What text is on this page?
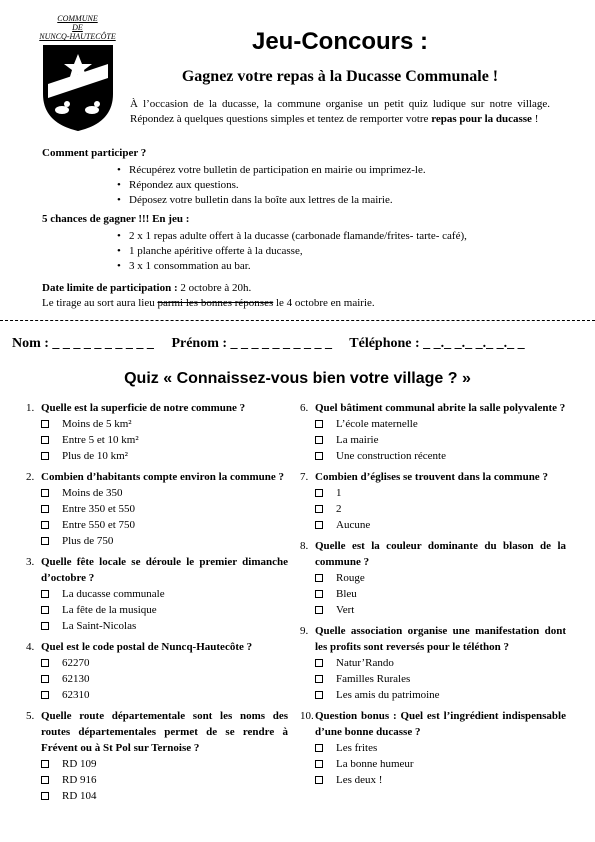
COMMUNE
DE
NUNCQ-HAUTECÔTE	Jeu-Concours :
Gagnez votre repas à la Ducasse Communale !
À l’occasion de la ducasse, la commune organise un petit quiz ludique sur notre village. Répondez à quelques questions simples et tentez de remporter votre repas pour la ducasse !
Comment participer ?
• Récupérez votre bulletin de participation en mairie ou imprimez-le.
• Répondez aux questions.
• Déposez votre bulletin dans la boîte aux lettres de la mairie.
5 chances de gagner !!! En jeu :
• 2 x 1 repas adulte offert à la ducasse (carbonade flamande/frites- tarte- café),
• 1 planche apéritive offerte à la ducasse,
• 3 x 1 consommation au bar.
Date limite de participation : 2 octobre à 20h.
Le tirage au sort aura lieu parmi les bonnes réponses le 4 octobre en mairie.
Nom : _ _ _ _ _ _ _ _ _ _ Prénom : _ _ _ _ _ _ _ _ _ _ Téléphone : _ _._ _._ _._ _._ _
Quiz « Connaissez-vous bien votre village ? »
1. Quelle est la superficie de notre commune ?
Moins de 5 km²
Entre 5 et 10 km²
Plus de 10 km²
2. Combien d’habitants compte environ la commune ?
Moins de 350
Entre 350 et 550
Entre 550 et 750
Plus de 750
3. Quelle fête locale se déroule le premier dimanche d’octobre ?
La ducasse communale
La fête de la musique
La Saint-Nicolas
4. Quel est le code postal de Nuncq-Hautecôte ?
62270
62130
62310
5. Quelle route départementale sont les noms des routes départementales permet de se rendre à Frévent ou à St Pol sur Ternoise ?
RD 109
RD 916
RD 104
6. Quel bâtiment communal abrite la salle polyvalente ?
L’école maternelle
La mairie
Une construction récente
7. Combien d’églises se trouvent dans la commune ?
1
2
Aucune
8. Quelle est la couleur dominante du blason de la commune ?
Rouge
Bleu
Vert
9. Quelle association organise une manifestation dont les profits sont reversés pour le téléthon ?
Natur’Rando
Familles Rurales
Les amis du patrimoine
10.Question bonus : Quel est l’ingrédient indispensable d’une bonne ducasse ?
Les frites
La bonne humeur
Les deux !
